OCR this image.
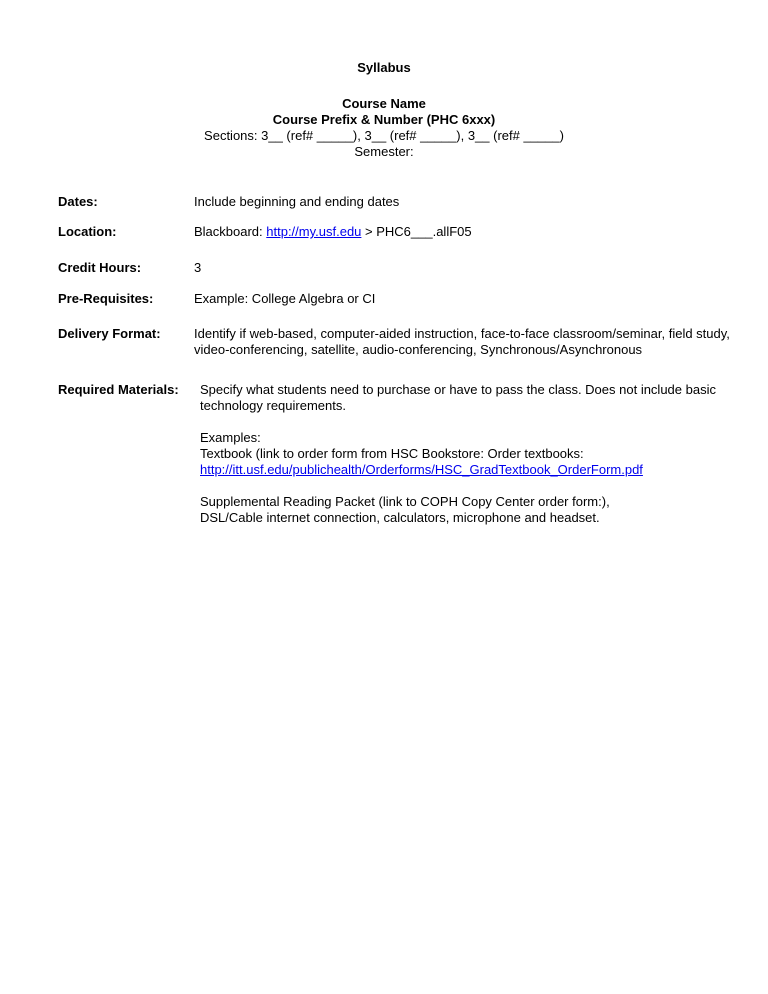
Syllabus
Course Name
Course Prefix & Number (PHC 6xxx)
Sections: 3__ (ref# _____), 3__ (ref# _____), 3__ (ref# _____)
Semester:
Dates:	Include beginning and ending dates
Location:	Blackboard: http://my.usf.edu > PHC6___.allF05
Credit Hours:	3
Pre-Requisites:	Example: College Algebra or CI
Delivery Format:	Identify if web-based, computer-aided instruction, face-to-face classroom/seminar, field study, video-conferencing, satellite, audio-conferencing, Synchronous/Asynchronous
Required Materials: Specify what students need to purchase or have to pass the class. Does not include basic technology requirements.

Examples:
Textbook (link to order form from HSC Bookstore: Order textbooks:
http://itt.usf.edu/publichealth/Orderforms/HSC_GradTextbook_OrderForm.pdf

Supplemental Reading Packet (link to COPH Copy Center order form:),
DSL/Cable internet connection, calculators, microphone and headset.
